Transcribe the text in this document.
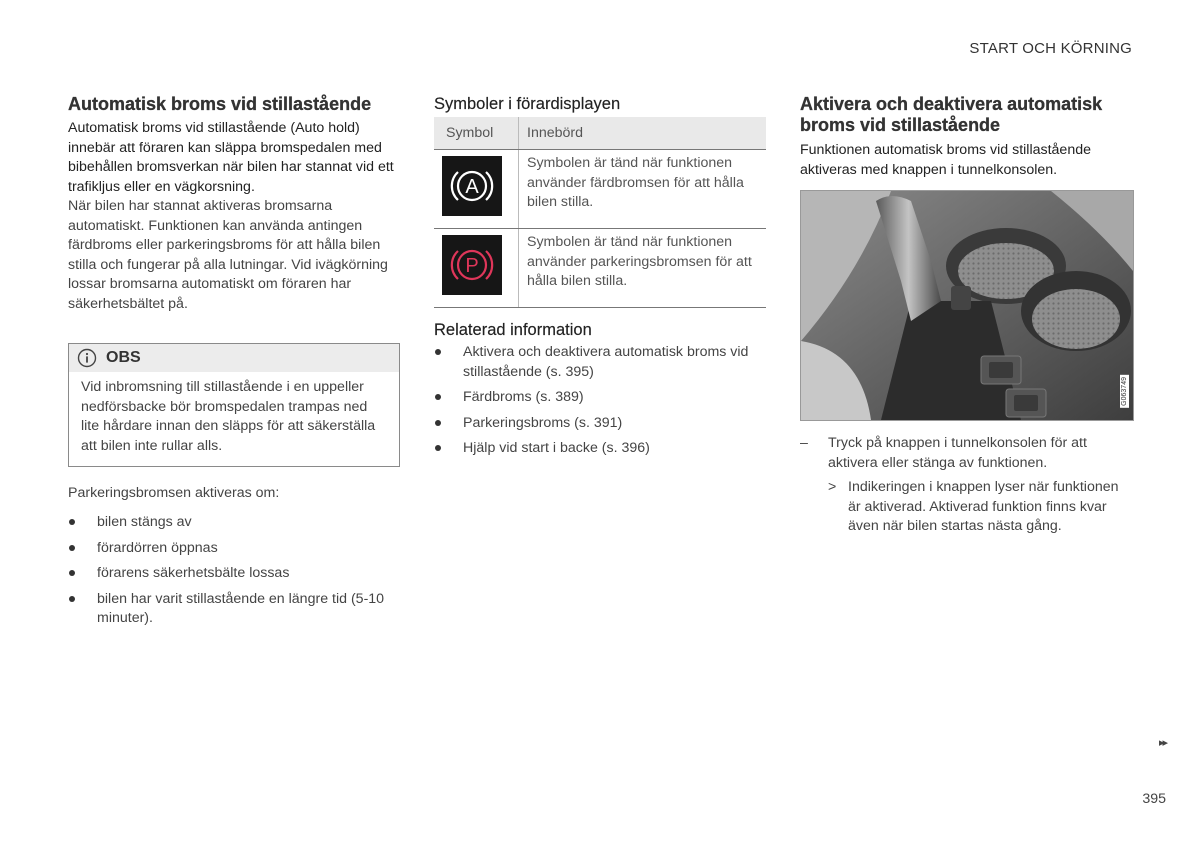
START OCH KÖRNING
Automatisk broms vid stillastående

Automatisk broms vid stillastående (Auto hold) innebär att föraren kan släppa bromspedalen med bibehållen bromsverkan när bilen har stannat vid ett trafikljus eller en vägkorsning.

När bilen har stannat aktiveras bromsarna automatiskt. Funktionen kan använda antingen färdbroms eller parkeringsbroms för att hålla bilen stilla och fungerar på alla lutningar. Vid ivägkörning lossar bromsarna automatiskt om föraren har säkerhetsbältet på.

OBS
Vid inbromsning till stillastående i en uppeller nedförsbacke bör bromspedalen trampas ned lite hårdare innan den släpps för att säkerställa att bilen inte rullar alls.
Parkeringsbromsen aktiveras om:
bilen stängs av
förardörren öppnas
förarens säkerhetsbälte lossas
bilen har varit stillastående en längre tid (5-10 minuter).
Symboler i förardisplayen
Symbol	Innebörd

A	Symbolen är tänd när funktionen använder färdbromsen för att hålla bilen stilla.

P	Symbolen är tänd när funktionen använder parkeringsbromsen för att hålla bilen stilla.
Relaterad information
Aktivera och deaktivera automatisk broms vid stillastående (s. 395)
Färdbroms (s. 389)
Parkeringsbroms (s. 391)
Hjälp vid start i backe (s. 396)
Aktivera och deaktivera automatisk broms vid stillastående

Funktionen automatisk broms vid stillastående aktiveras med knappen i tunnelkonsolen.

G063749
– Tryck på knappen i tunnelkonsolen för att aktivera eller stänga av funktionen.
> Indikeringen i knappen lyser när funktionen är aktiverad. Aktiverad funktion finns kvar även när bilen startas nästa gång.
▸▸
395
